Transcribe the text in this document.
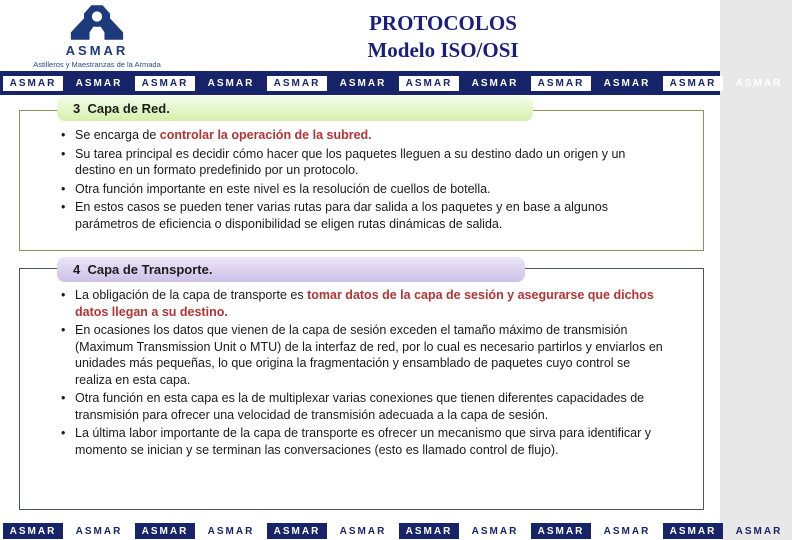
ASMAR
Astilleros y Maestranzas de la Armada
PROTOCOLOS
Modelo ISO/OSI
ASMAR	ASMAR	ASMAR	ASMAR	ASMAR	ASMAR	ASMAR	ASMAR	ASMAR	ASMAR	ASMAR	ASMAR
3  Capa de Red.
• Se encarga de controlar la operación de la subred.
• Su tarea principal es decidir cómo hacer que los paquetes lleguen a su destino dado un origen y un destino en un formato predefinido por un protocolo.
• Otra función importante en este nivel es la resolución de cuellos de botella.
• En estos casos se pueden tener varias rutas para dar salida a los paquetes y en base a algunos parámetros de eficiencia o disponibilidad se eligen rutas dinámicas de salida.
4  Capa de Transporte.
• La obligación de la capa de transporte es tomar datos de la capa de sesión y asegurarse que dichos datos llegan a su destino.
• En ocasiones los datos que vienen de la capa de sesión exceden el tamaño máximo de transmisión (Maximum Transmission Unit o MTU) de la interfaz de red, por lo cual es necesario partirlos y enviarlos en unidades más pequeñas, lo que origina la fragmentación y ensamblado de paquetes cuyo control se realiza en esta capa.
• Otra función en esta capa es la de multiplexar varias conexiones que tienen diferentes capacidades de transmisión para ofrecer una velocidad de transmisión adecuada a la capa de sesión.
• La última labor importante de la capa de transporte es ofrecer un mecanismo que sirva para identificar y momento se inician y se terminan las conversaciones (esto es llamado control de flujo).
ASMAR	ASMAR	ASMAR	ASMAR	ASMAR	ASMAR	ASMAR	ASMAR	ASMAR	ASMAR	ASMAR	ASMAR
